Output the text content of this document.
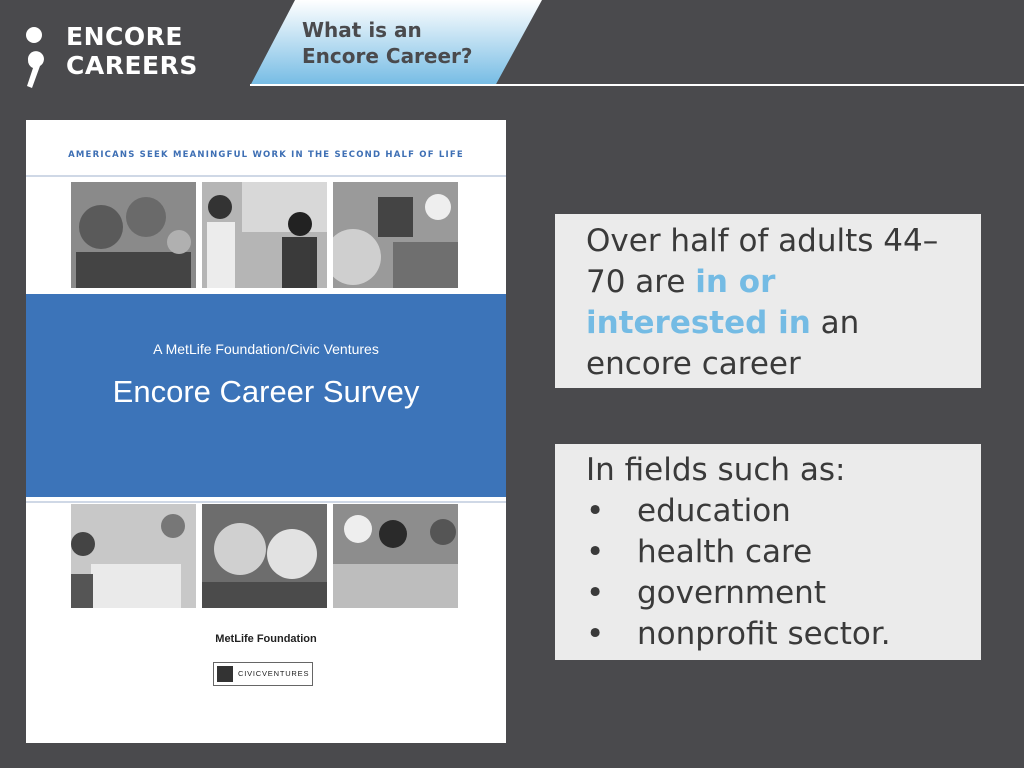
ENCORE
CAREERS
What is an
Encore Career?
AMERICANS SEEK MEANINGFUL WORK IN THE SECOND HALF OF LIFE
A MetLife Foundation/Civic Ventures
Encore Career Survey
MetLife Foundation
CIVICVENTURES
Over half of adults 44–70 are in or interested in an encore career
In fields such as:
• education
• health care
• government
• nonprofit sector.
